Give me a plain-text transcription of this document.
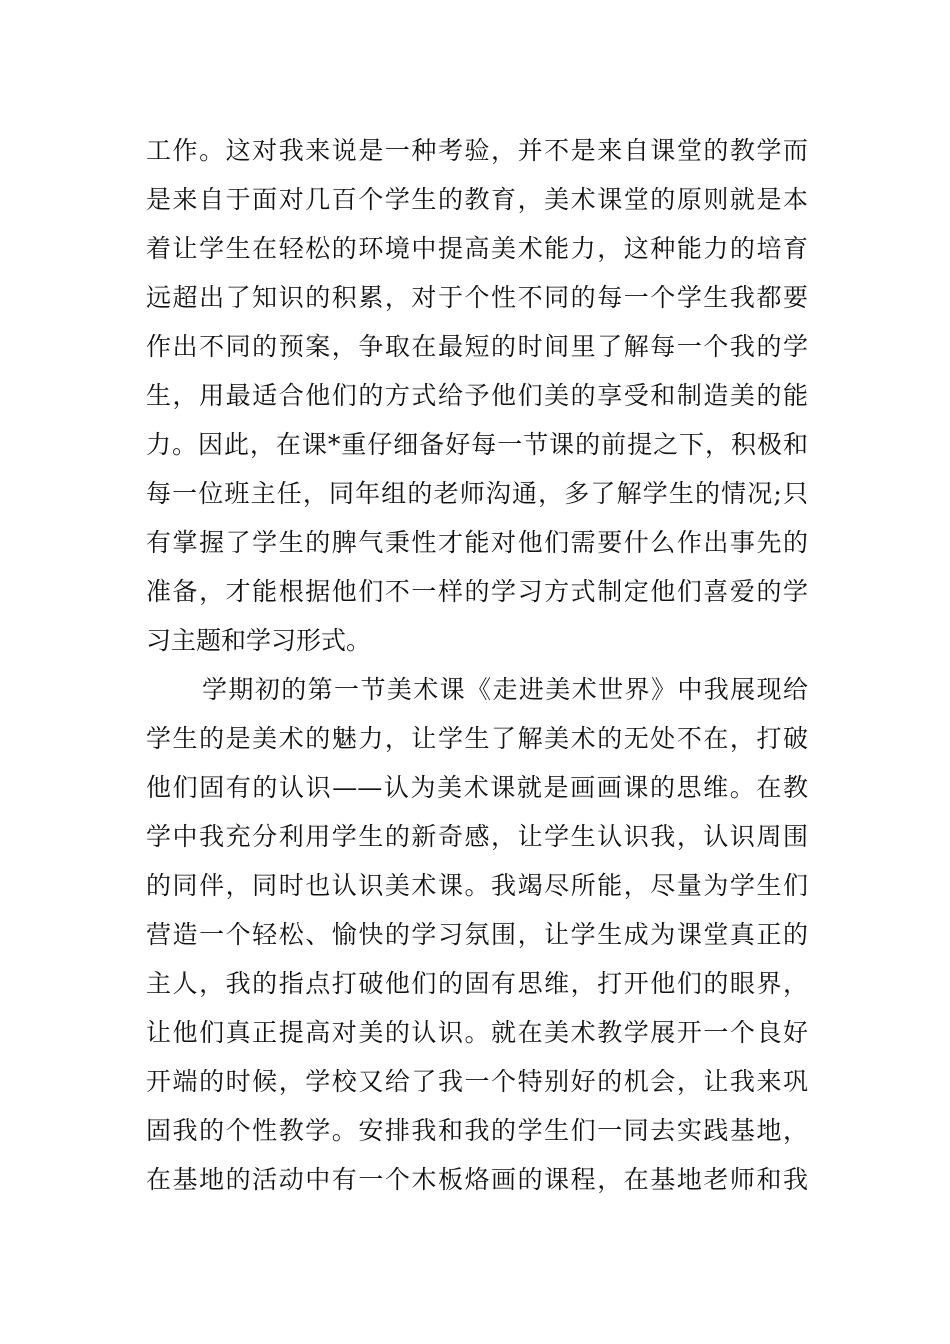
工作。这对我来说是一种考验，并不是来自课堂的教学而
是来自于面对几百个学生的教育，美术课堂的原则就是本
着让学生在轻松的环境中提高美术能力，这种能力的培育
远超出了知识的积累，对于个性不同的每一个学生我都要
作出不同的预案，争取在最短的时间里了解每一个我的学
生，用最适合他们的方式给予他们美的享受和制造美的能
力。因此，在课*重仔细备好每一节课的前提之下，积极和
每一位班主任，同年组的老师沟通，多了解学生的情况;只
有掌握了学生的脾气秉性才能对他们需要什么作出事先的
准备，才能根据他们不一样的学习方式制定他们喜爱的学
习主题和学习形式。
学期初的第一节美术课《走进美术世界》中我展现给
学生的是美术的魅力，让学生了解美术的无处不在，打破
他们固有的认识——认为美术课就是画画课的思维。在教
学中我充分利用学生的新奇感，让学生认识我，认识周围
的同伴，同时也认识美术课。我竭尽所能，尽量为学生们
营造一个轻松、愉快的学习氛围，让学生成为课堂真正的
主人，我的指点打破他们的固有思维，打开他们的眼界，
让他们真正提高对美的认识。就在美术教学展开一个良好
开端的时候，学校又给了我一个特别好的机会，让我来巩
固我的个性教学。安排我和我的学生们一同去实践基地，
在基地的活动中有一个木板烙画的课程，在基地老师和我
